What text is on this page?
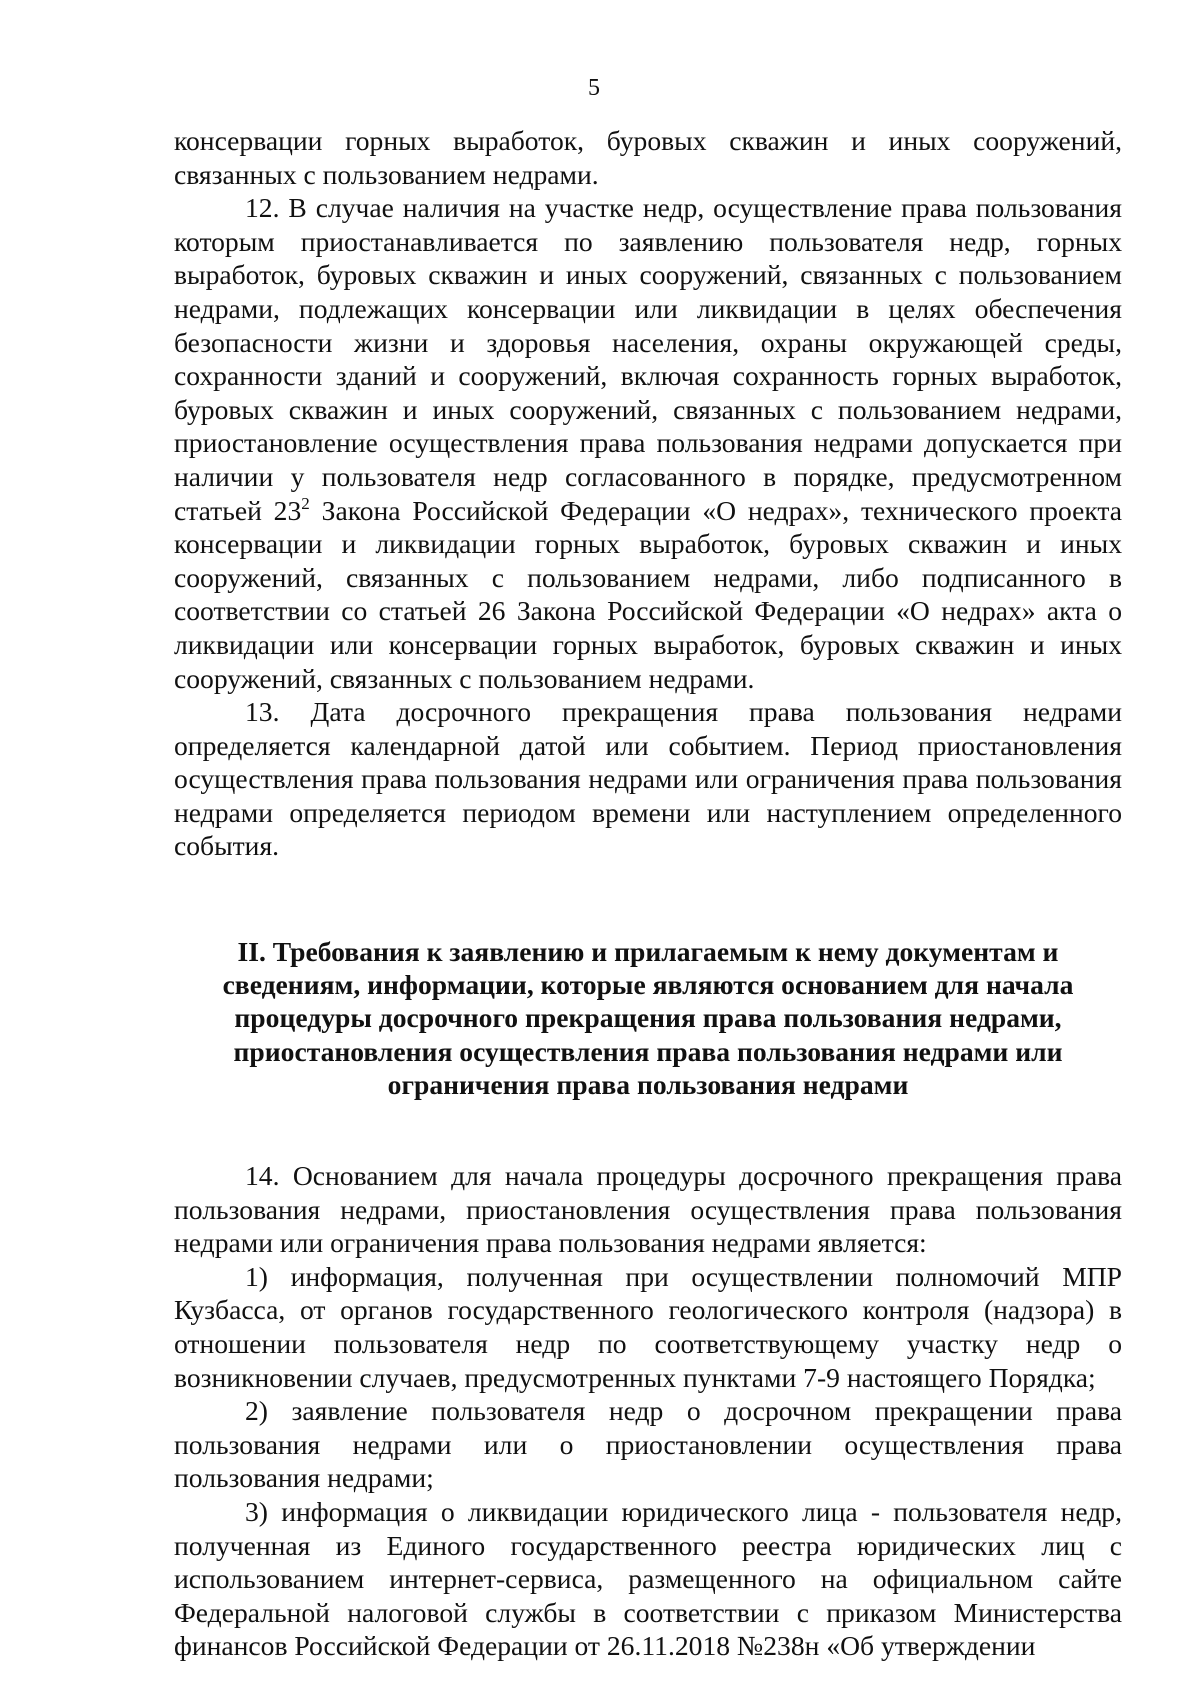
5

консервации горных выработок, буровых скважин и иных сооружений, связанных с пользованием недрами.

12. В случае наличия на участке недр, осуществление права пользования которым приостанавливается по заявлению пользователя недр, горных выработок, буровых скважин и иных сооружений, связанных с пользованием недрами, подлежащих консервации или ликвидации в целях обеспечения безопасности жизни и здоровья населения, охраны окружающей среды, сохранности зданий и сооружений, включая сохранность горных выработок, буровых скважин и иных сооружений, связанных с пользованием недрами, приостановление осуществления права пользования недрами допускается при наличии у пользователя недр согласованного в порядке, предусмотренном статьей $23^2$ Закона Российской Федерации «О недрах», технического проекта консервации и ликвидации горных выработок, буровых скважин и иных сооружений, связанных с пользованием недрами, либо подписанного в соответствии со статьей 26 Закона Российской Федерации «О недрах» акта о ликвидации или консервации горных выработок, буровых скважин и иных сооружений, связанных с пользованием недрами.

13. Дата досрочного прекращения права пользования недрами определяется календарной датой или событием. Период приостановления осуществления права пользования недрами или ограничения права пользования недрами определяется периодом времени или наступлением определенного события.

II. Требования к заявлению и прилагаемым к нему документам и
сведениям, информации, которые являются основанием для начала
процедуры досрочного прекращения права пользования недрами,
приостановления осуществления права пользования недрами или
ограничения права пользования недрами

14. Основанием для начала процедуры досрочного прекращения права пользования недрами, приостановления осуществления права пользования недрами или ограничения права пользования недрами является:

1) информация, полученная при осуществлении полномочий МПР Кузбасса, от органов государственного геологического контроля (надзора) в отношении пользователя недр по соответствующему участку недр о возникновении случаев, предусмотренных пунктами 7-9 настоящего Порядка;

2) заявление пользователя недр о досрочном прекращении права пользования недрами или о приостановлении осуществления права пользования недрами;

3) информация о ликвидации юридического лица - пользователя недр, полученная из Единого государственного реестра юридических лиц с использованием интернет-сервиса, размещенного на официальном сайте Федеральной налоговой службы в соответствии с приказом Министерства финансов Российской Федерации от 26.11.2018 №238н «Об утверждении
